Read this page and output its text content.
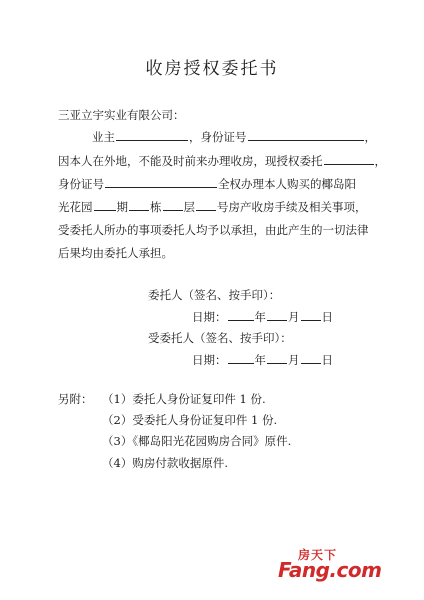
收房授权委托书
三亚立宇实业有限公司：
业主	，身份证号	，
因本人在外地，不能及时前来办理收房，现授权委托	，
身份证号	全权办理本人购买的椰岛阳
光花园 期 栋 层 号房产收房手续及相关事项，
受委托人所办的事项委托人均予以承担，由此产生的一切法律
后果均由委托人承担。
委托人（签名、按手印）：
日期： 年 月 日
受委托人（签名、按手印）：
日期： 年 月 日
另附： （1）委托人身份证复印件 1 份.
（2）受委托人身份证复印件 1 份.
（3）《椰岛阳光花园购房合同》原件.
（4）购房付款收据原件.
房天下
Fang.com
